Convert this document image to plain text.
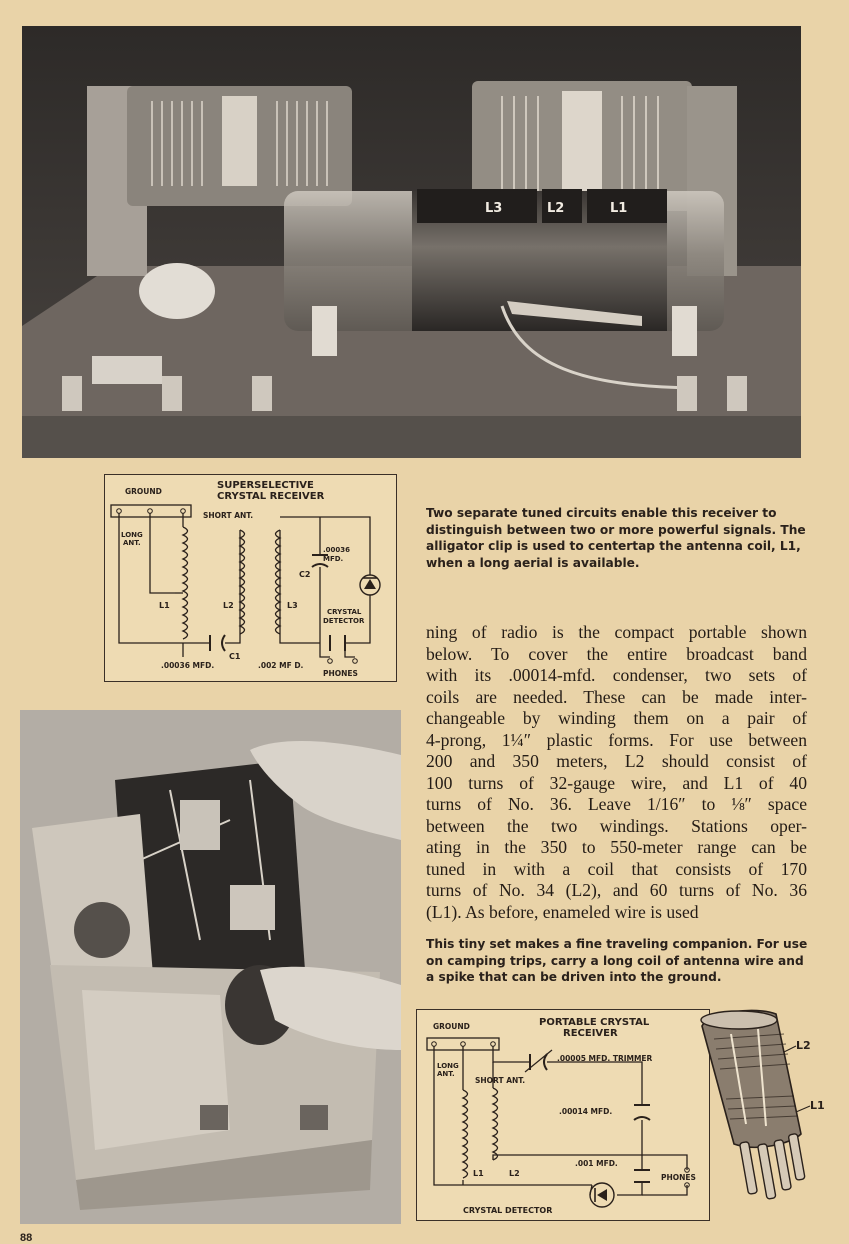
L3	L2	L1
SUPERSELECTIVE
CRYSTAL RECEIVER
GROUND
SHORT ANT.
LONG
ANT.
L1	L2	L3
C1
C2
.00036
MFD.
CRYSTAL
DETECTOR
.00036 MFD.	.002 MF D.
PHONES

Two separate tuned circuits enable this receiver to distinguish between two or more powerful signals. The alligator clip is used to centertap the antenna coil, L1, when a long aerial is available.

ning of radio is the compact portable shown
below. To cover the entire broadcast band
with its .00014-mfd. condenser, two sets of
coils are needed. These can be made inter-
changeable by winding them on a pair of
4-prong, 1¼″ plastic forms. For use between
200 and 350 meters, L2 should consist of
100 turns of 32-gauge wire, and L1 of 40
turns of No. 36. Leave 1/16″ to ⅛″ space
between the two windings. Stations oper-
ating in the 350 to 550-meter range can be
tuned in with a coil that consists of 170
turns of No. 34 (L2), and 60 turns of No. 36
(L1). As before, enameled wire is used

This tiny set makes a fine traveling companion. For use on camping trips, carry a long coil of antenna wire and a spike that can be driven into the ground.

PORTABLE CRYSTAL
RECEIVER
GROUND
LONG
ANT.
SHORT ANT.
.00005 MFD. TRIMMER
.00014 MFD.
.001 MFD.
PHONES
L1	L2
CRYSTAL DETECTOR
L2
L1
88
